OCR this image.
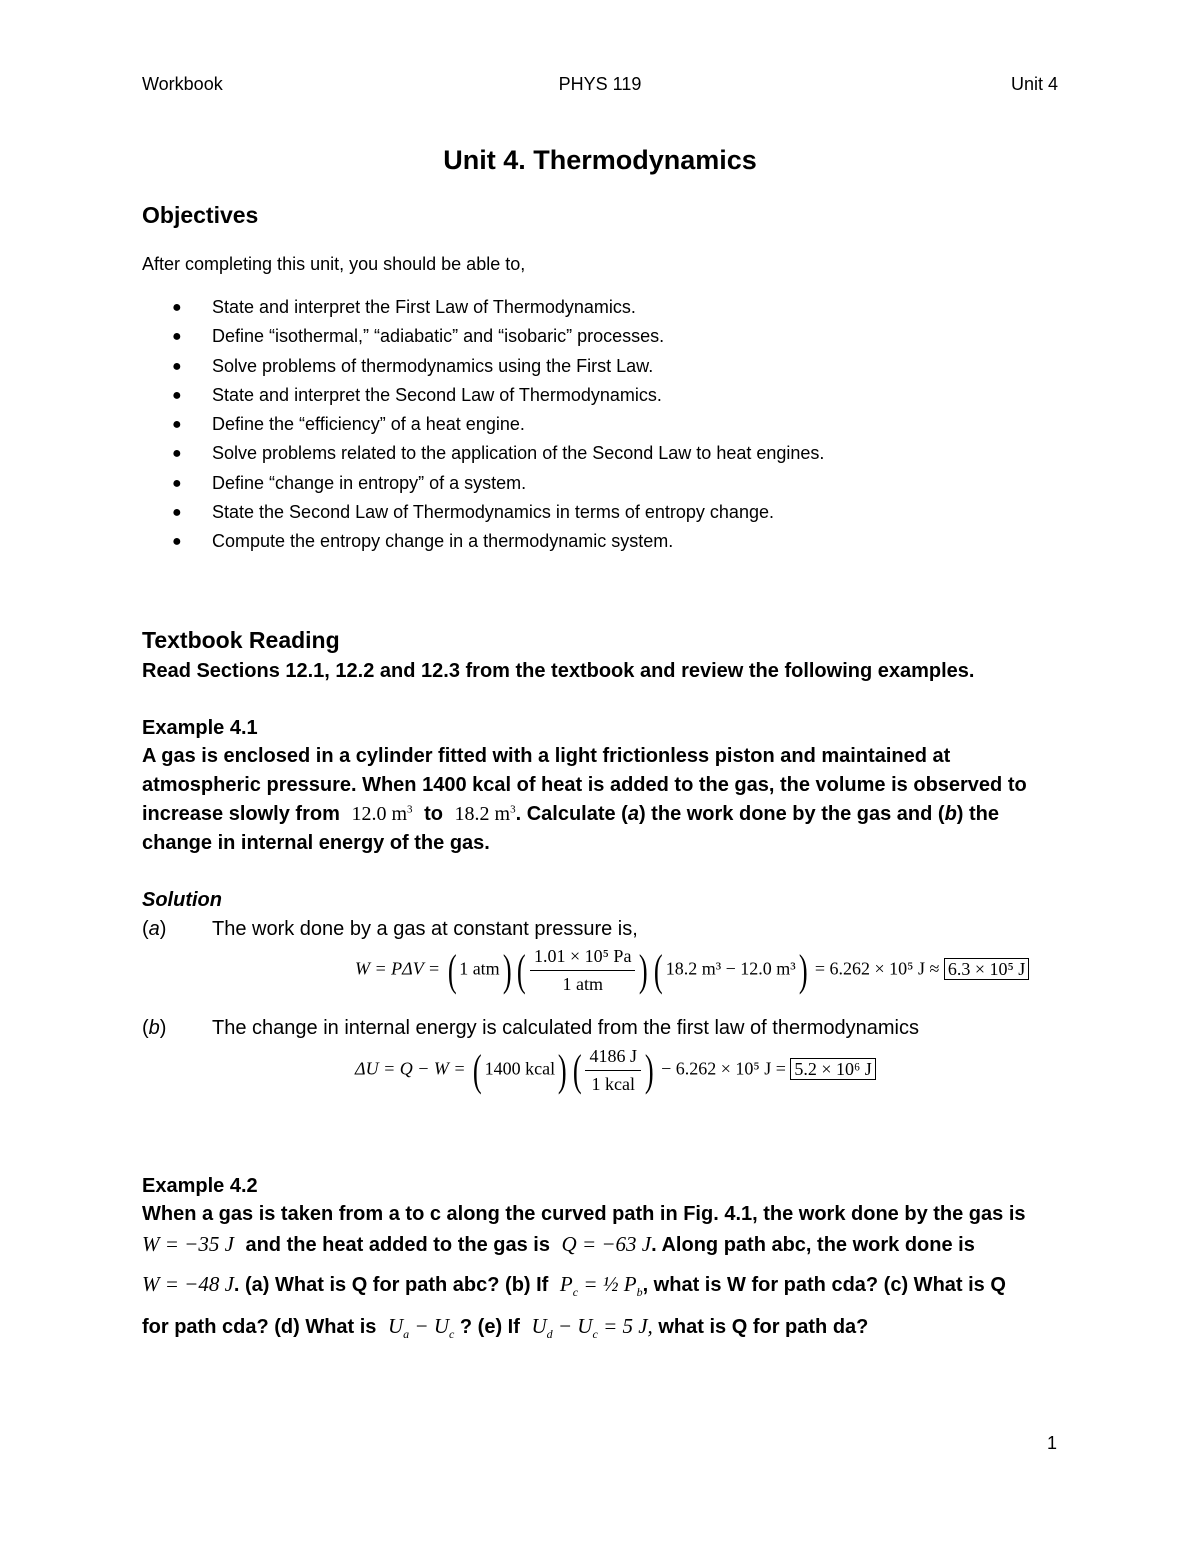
Workbook	PHYS 119	Unit 4
Unit 4. Thermodynamics
Objectives
After completing this unit, you should be able to,
● State and interpret the First Law of Thermodynamics.
● Define “isothermal,” “adiabatic” and “isobaric” processes.
● Solve problems of thermodynamics using the First Law.
● State and interpret the Second Law of Thermodynamics.
● Define the “efficiency” of a heat engine.
● Solve problems related to the application of the Second Law to heat engines.
● Define “change in entropy” of a system.
● State the Second Law of Thermodynamics in terms of entropy change.
● Compute the entropy change in a thermodynamic system.
Textbook Reading
Read Sections 12.1, 12.2 and 12.3 from the textbook and review the following examples.
Example 4.1
A gas is enclosed in a cylinder fitted with a light frictionless piston and maintained at
atmospheric pressure. When 1400 kcal of heat is added to the gas, the volume is observed to
increase slowly from 12.0 $m^3$ to 18.2 $m^3$. Calculate (a) the work done by the gas and (b) the
change in internal energy of the gas.
Solution
(a) The work done by a gas at constant pressure is,
W = PΔV = ( 1 atm) ( $\frac{\text{1.01 × 10⁵ Pa}}{\text{1 atm}}$ ) ( 18.2 m³ − 12.0 m³) = 6.262 × 10⁵ J ≈ 6.3 × 10⁵ J
(b) The change in internal energy is calculated from the first law of thermodynamics
ΔU = Q − W = ( 1400 kcal) ( $\frac{4186 J}{\text{1 kcal}}$ ) − 6.262 × 10⁵ J = 5.2 × 10⁶ J
Example 4.2
When a gas is taken from a to c along the curved path in Fig. 4.1, the work done by the gas is
W = −35 J and the heat added to the gas is Q = −63 J. Along path abc, the work done is
W = −48 J. (a) What is Q for path abc? (b) If $P_c$ = ½ $P_b$, what is W for path cda? (c) What is Q
for path cda? (d) What is $U_a - U_c$ ? (e) If $U_d - U_c = 5$ J, what is Q for path da?
1
